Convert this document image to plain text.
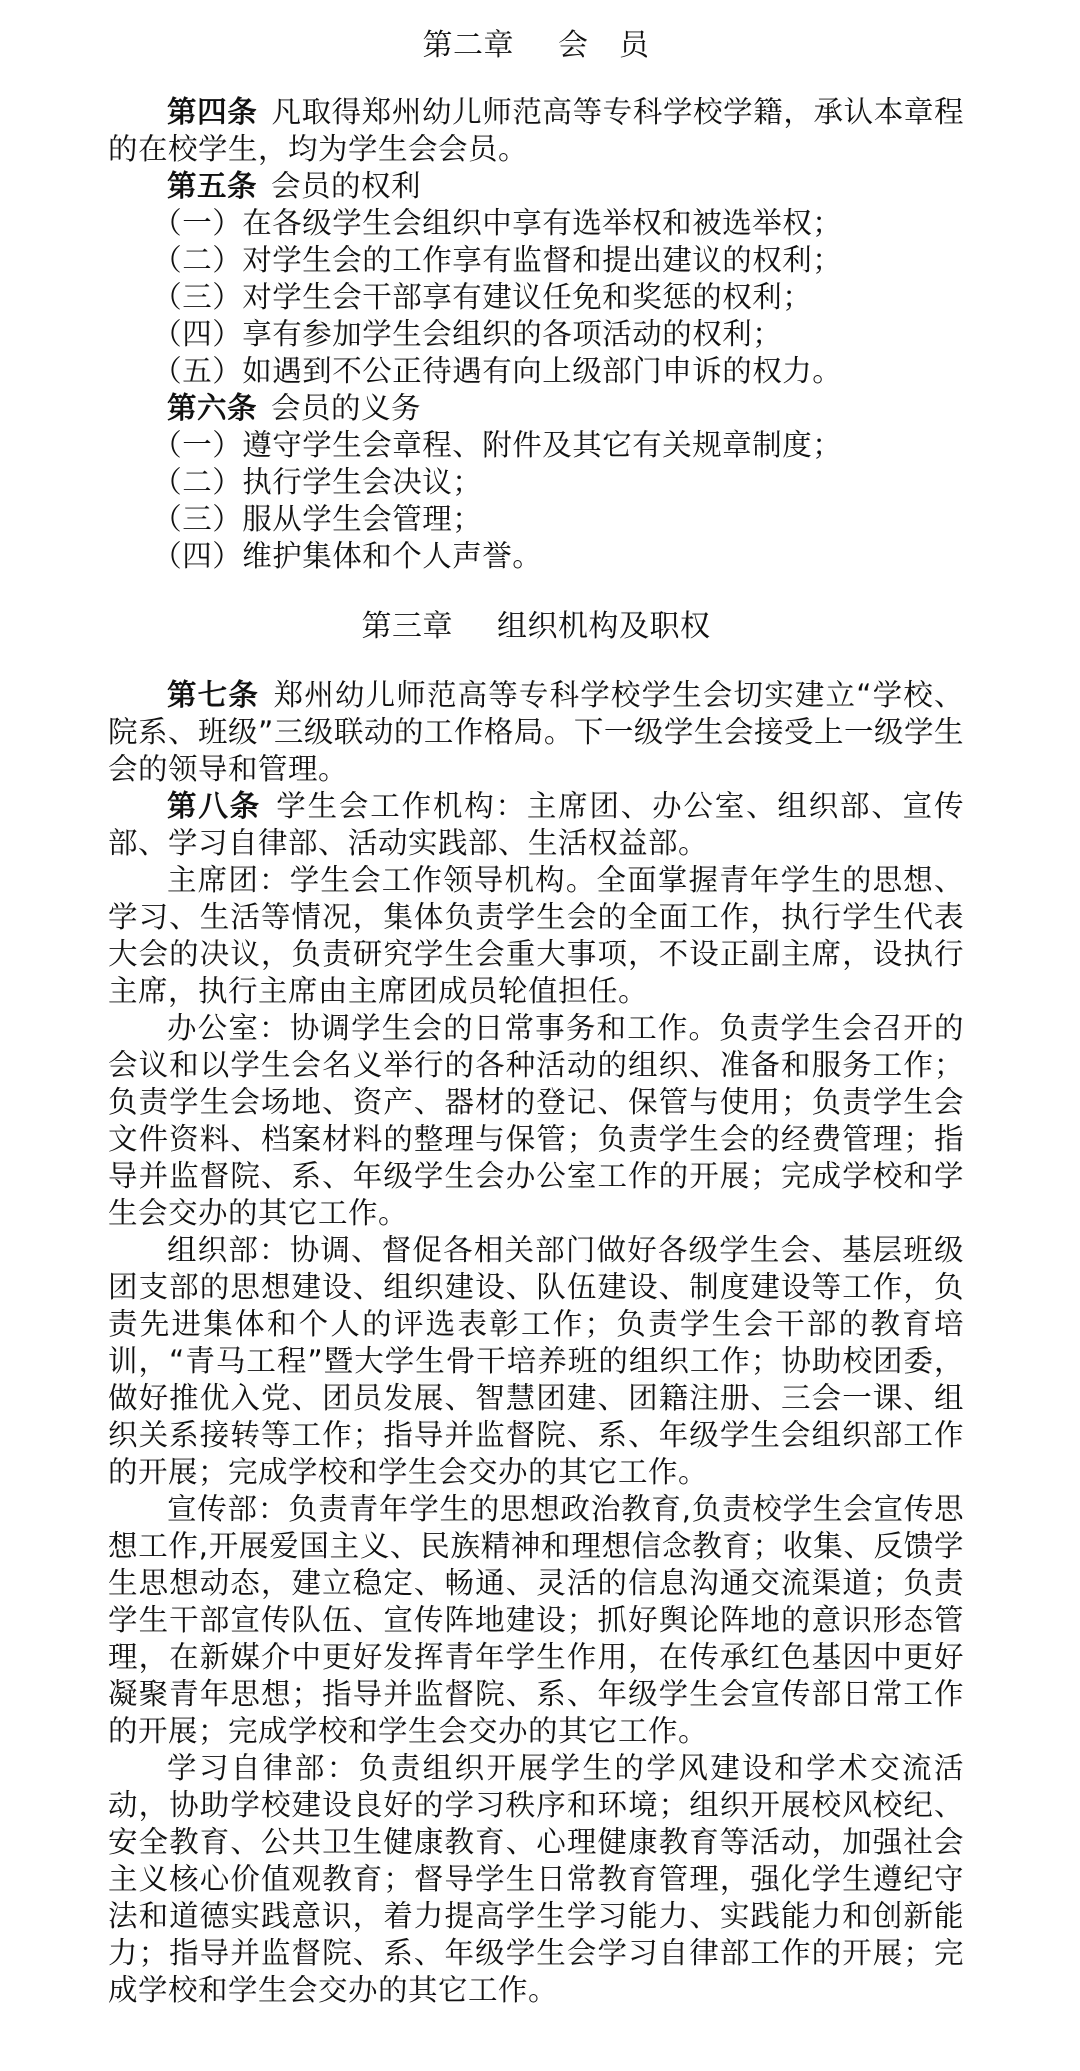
第二章 会　员

第四条 凡取得郑州幼儿师范高等专科学校学籍，承认本章程的在校学生，均为学生会会员。

第五条 会员的权利

（一）在各级学生会组织中享有选举权和被选举权；
（二）对学生会的工作享有监督和提出建议的权利；
（三）对学生会干部享有建议任免和奖惩的权利；
（四）享有参加学生会组织的各项活动的权利；
（五）如遇到不公正待遇有向上级部门申诉的权力。

第六条 会员的义务

（一）遵守学生会章程、附件及其它有关规章制度；
（二）执行学生会决议；
（三）服从学生会管理；
（四）维护集体和个人声誉。
第三章 组织机构及职权

第七条 郑州幼儿师范高等专科学校学生会切实建立“学校、院系、班级”三级联动的工作格局。下一级学生会接受上一级学生会的领导和管理。

第八条 学生会工作机构：主席团、办公室、组织部、宣传部、学习自律部、活动实践部、生活权益部。

主席团：学生会工作领导机构。全面掌握青年学生的思想、学习、生活等情况，集体负责学生会的全面工作，执行学生代表大会的决议，负责研究学生会重大事项，不设正副主席，设执行主席，执行主席由主席团成员轮值担任。

办公室：协调学生会的日常事务和工作。负责学生会召开的会议和以学生会名义举行的各种活动的组织、准备和服务工作；负责学生会场地、资产、器材的登记、保管与使用；负责学生会文件资料、档案材料的整理与保管；负责学生会的经费管理；指导并监督院、系、年级学生会办公室工作的开展；完成学校和学生会交办的其它工作。

组织部：协调、督促各相关部门做好各级学生会、基层班级团支部的思想建设、组织建设、队伍建设、制度建设等工作，负责先进集体和个人的评选表彰工作；负责学生会干部的教育培训，“青马工程”暨大学生骨干培养班的组织工作；协助校团委，做好推优入党、团员发展、智慧团建、团籍注册、三会一课、组织关系接转等工作；指导并监督院、系、年级学生会组织部工作的开展；完成学校和学生会交办的其它工作。

宣传部：负责青年学生的思想政治教育,负责校学生会宣传思想工作,开展爱国主义、民族精神和理想信念教育；收集、反馈学生思想动态，建立稳定、畅通、灵活的信息沟通交流渠道；负责学生干部宣传队伍、宣传阵地建设；抓好舆论阵地的意识形态管理，在新媒介中更好发挥青年学生作用，在传承红色基因中更好凝聚青年思想；指导并监督院、系、年级学生会宣传部日常工作的开展；完成学校和学生会交办的其它工作。

学习自律部：负责组织开展学生的学风建设和学术交流活动，协助学校建设良好的学习秩序和环境；组织开展校风校纪、安全教育、公共卫生健康教育、心理健康教育等活动，加强社会主义核心价值观教育；督导学生日常教育管理，强化学生遵纪守法和道德实践意识，着力提高学生学习能力、实践能力和创新能力；指导并监督院、系、年级学生会学习自律部工作的开展；完成学校和学生会交办的其它工作。
